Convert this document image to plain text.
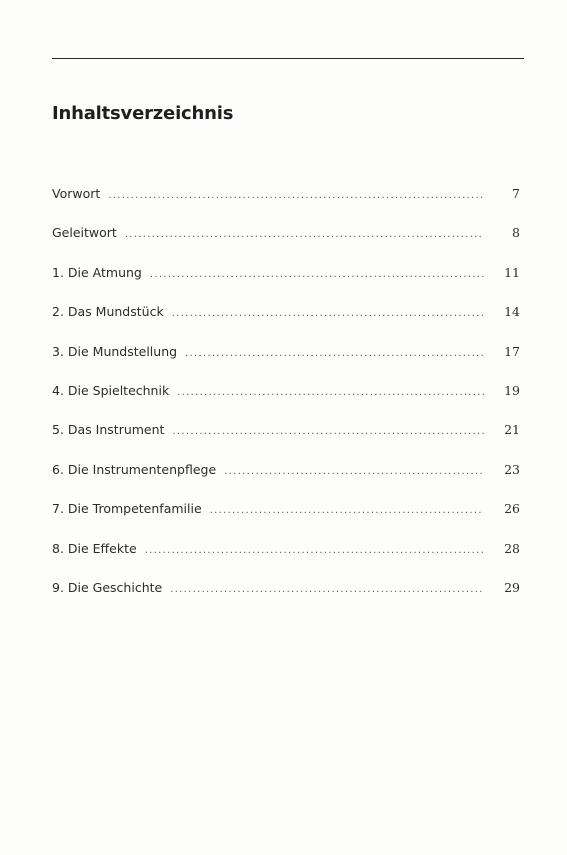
Inhaltsverzeichnis
Vorwort .....	7
Geleitwort .....	8
1. Die Atmung .....	11
2. Das Mundstück .....	14
3. Die Mundstellung .....	17
4. Die Spieltechnik .....	19
5. Das Instrument .....	21
6. Die Instrumentenpflege .....	23
7. Die Trompetenfamilie .....	26
8. Die Effekte .....	28
9. Die Geschichte .....	29
